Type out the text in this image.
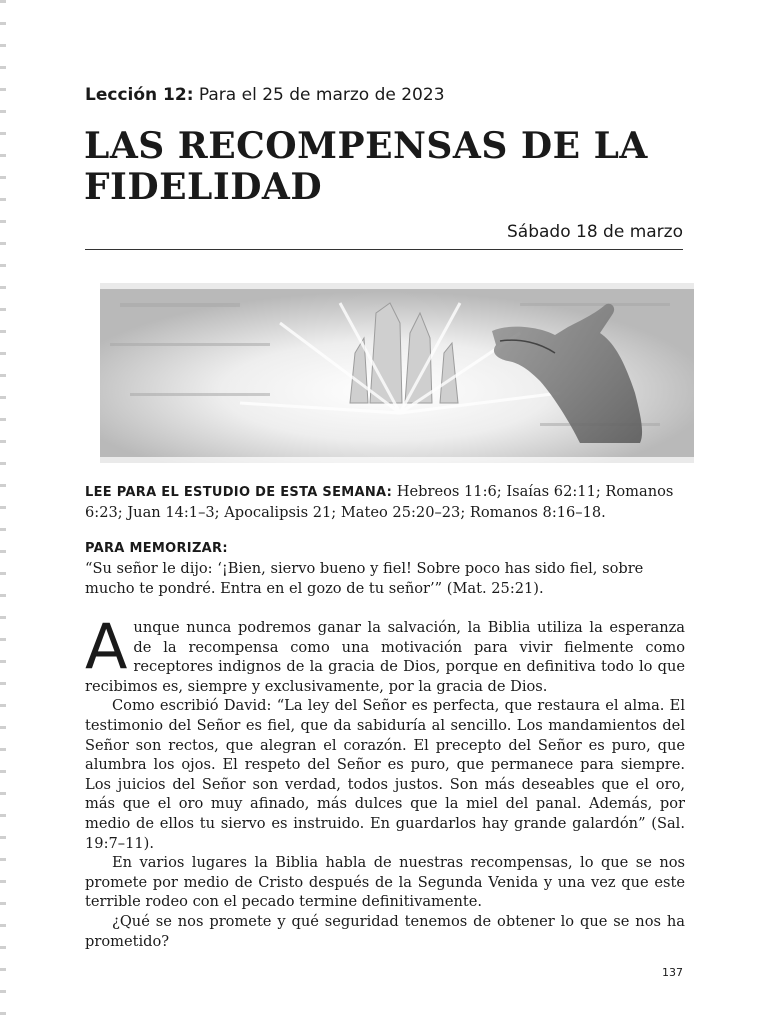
Lección 12: Para el 25 de marzo de 2023
LAS RECOMPENSAS DE LA FIDELIDAD
Sábado 18 de marzo
LEE PARA EL ESTUDIO DE ESTA SEMANA: Hebreos 11:6; Isaías 62:11; Romanos 6:23; Juan 14:1–3; Apocalipsis 21; Mateo 25:20–23; Romanos 8:16–18.
PARA MEMORIZAR:
“Su señor le dijo: ‘¡Bien, siervo bueno y fiel! Sobre poco has sido fiel, sobre mucho te pondré. Entra en el gozo de tu señor’” (Mat. 25:21).

Aunque nunca podremos ganar la salvación, la Biblia utiliza la esperanza de la recompensa como una motivación para vivir fielmente como receptores indignos de la gracia de Dios, porque en definitiva todo lo que recibimos es, siempre y exclusivamente, por la gracia de Dios.

Como escribió David: “La ley del Señor es perfecta, que restaura el alma. El testimonio del Señor es fiel, que da sabiduría al sencillo. Los mandamientos del Señor son rectos, que alegran el corazón. El precepto del Señor es puro, que alumbra los ojos. El respeto del Señor es puro, que permanece para siempre. Los juicios del Señor son verdad, todos justos. Son más deseables que el oro, más que el oro muy afinado, más dulces que la miel del panal. Además, por medio de ellos tu siervo es instruido. En guardarlos hay grande galardón” (Sal. 19:7–11).

En varios lugares la Biblia habla de nuestras recompensas, lo que se nos promete por medio de Cristo después de la Segunda Venida y una vez que este terrible rodeo con el pecado termine definitivamente.

¿Qué se nos promete y qué seguridad tenemos de obtener lo que se nos ha prometido?

137
